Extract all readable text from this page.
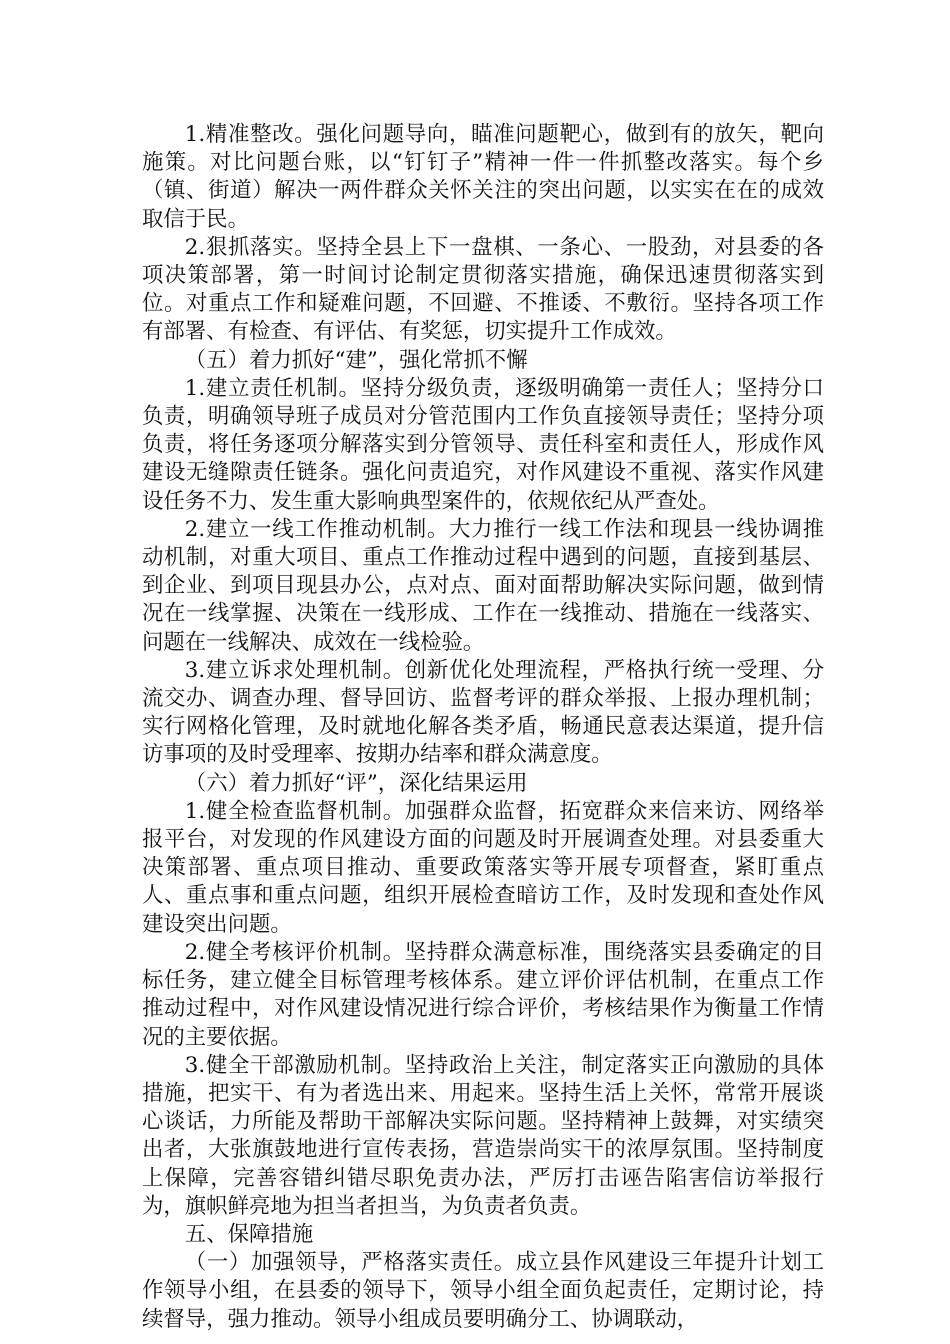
1.精准整改。强化问题导向，瞄准问题靶心，做到有的放矢，靶向施策。对比问题台账，以“钉钉子”精神一件一件抓整改落实。每个乡（镇、街道）解决一两件群众关怀关注的突出问题，以实实在在的成效取信于民。

2.狠抓落实。坚持全县上下一盘棋、一条心、一股劲，对县委的各项决策部署，第一时间讨论制定贯彻落实措施，确保迅速贯彻落实到位。对重点工作和疑难问题，不回避、不推诿、不敷衍。坚持各项工作有部署、有检查、有评估、有奖惩，切实提升工作成效。

（五）着力抓好“建”，强化常抓不懈

1.建立责任机制。坚持分级负责，逐级明确第一责任人；坚持分口负责，明确领导班子成员对分管范围内工作负直接领导责任；坚持分项负责，将任务逐项分解落实到分管领导、责任科室和责任人，形成作风建设无缝隙责任链条。强化问责追究，对作风建设不重视、落实作风建设任务不力、发生重大影响典型案件的，依规依纪从严查处。

2.建立一线工作推动机制。大力推行一线工作法和现县一线协调推动机制，对重大项目、重点工作推动过程中遇到的问题，直接到基层、到企业、到项目现县办公，点对点、面对面帮助解决实际问题，做到情况在一线掌握、决策在一线形成、工作在一线推动、措施在一线落实、问题在一线解决、成效在一线检验。

3.建立诉求处理机制。创新优化处理流程，严格执行统一受理、分流交办、调查办理、督导回访、监督考评的群众举报、上报办理机制；实行网格化管理，及时就地化解各类矛盾，畅通民意表达渠道，提升信访事项的及时受理率、按期办结率和群众满意度。

（六）着力抓好“评”，深化结果运用

1.健全检查监督机制。加强群众监督，拓宽群众来信来访、网络举报平台，对发现的作风建设方面的问题及时开展调查处理。对县委重大决策部署、重点项目推动、重要政策落实等开展专项督查，紧盯重点人、重点事和重点问题，组织开展检查暗访工作，及时发现和查处作风建设突出问题。

2.健全考核评价机制。坚持群众满意标准，围绕落实县委确定的目标任务，建立健全目标管理考核体系。建立评价评估机制，在重点工作推动过程中，对作风建设情况进行综合评价，考核结果作为衡量工作情况的主要依据。

3.健全干部激励机制。坚持政治上关注，制定落实正向激励的具体措施，把实干、有为者选出来、用起来。坚持生活上关怀，常常开展谈心谈话，力所能及帮助干部解决实际问题。坚持精神上鼓舞，对实绩突出者，大张旗鼓地进行宣传表扬，营造崇尚实干的浓厚氛围。坚持制度上保障，完善容错纠错尽职免责办法，严厉打击诬告陷害信访举报行为，旗帜鲜亮地为担当者担当，为负责者负责。

五、保障措施

（一）加强领导，严格落实责任。成立县作风建设三年提升计划工作领导小组，在县委的领导下，领导小组全面负起责任，定期讨论，持续督导，强力推动。领导小组成员要明确分工、协调联动，
